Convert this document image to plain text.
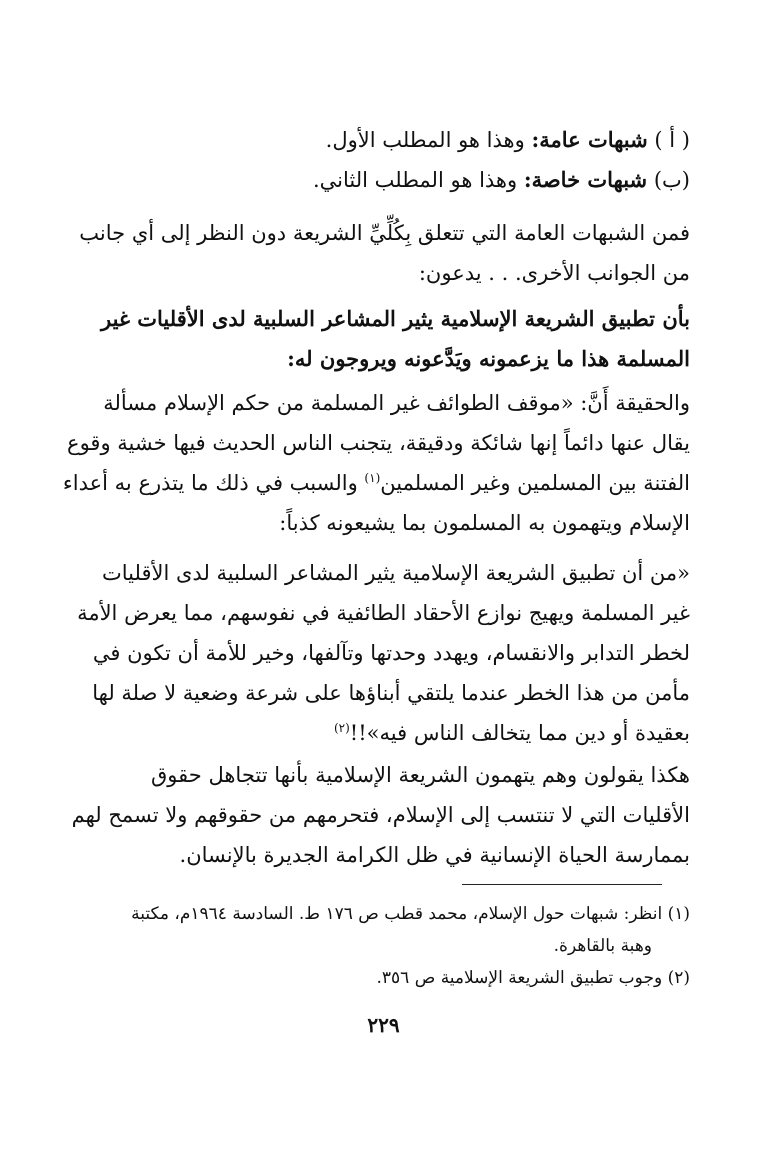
( أ ) شبهات عامة: وهذا هو المطلب الأول.
(ب) شبهات خاصة: وهذا هو المطلب الثاني.
فمن الشبهات العامة التي تتعلق بِكُلِّيِّ الشريعة دون النظر إلى أي جانب
من الجوانب الأخرى. . . يدعون:
بأن تطبيق الشريعة الإسلامية يثير المشاعر السلبية لدى الأقليات غير
المسلمة هذا ما يزعمونه ويَدَّعونه ويروجون له:
والحقيقة أَنَّ: «موقف الطوائف غير المسلمة من حكم الإسلام مسألة
يقال عنها دائماً إنها شائكة ودقيقة، يتجنب الناس الحديث فيها خشية وقوع
الفتنة بين المسلمين وغير المسلمين$^{(١)}$ والسبب في ذلك ما يتذرع به أعداء
الإسلام ويتهمون به المسلمون بما يشيعونه كذباً:
«من أن تطبيق الشريعة الإسلامية يثير المشاعر السلبية لدى الأقليات
غير المسلمة ويهيج نوازع الأحقاد الطائفية في نفوسهم، مما يعرض الأمة
لخطر التدابر والانقسام، ويهدد وحدتها وتآلفها، وخير للأمة أن تكون في
مأمن من هذا الخطر عندما يلتقي أبناؤها على شرعة وضعية لا صلة لها
بعقيدة أو دين مما يتخالف الناس فيه»!!$^{(٢)}$
هكذا يقولون وهم يتهمون الشريعة الإسلامية بأنها تتجاهل حقوق
الأقليات التي لا تنتسب إلى الإسلام، فتحرمهم من حقوقهم ولا تسمح لهم
بممارسة الحياة الإنسانية في ظل الكرامة الجديرة بالإنسان.
(١) انظر: شبهات حول الإسلام، محمد قطب ص ١٧٦ ط. السادسة ١٩٦٤م، مكتبة
وهبة بالقاهرة.
(٢) وجوب تطبيق الشريعة الإسلامية ص ٣٥٦.
٢٢٩
